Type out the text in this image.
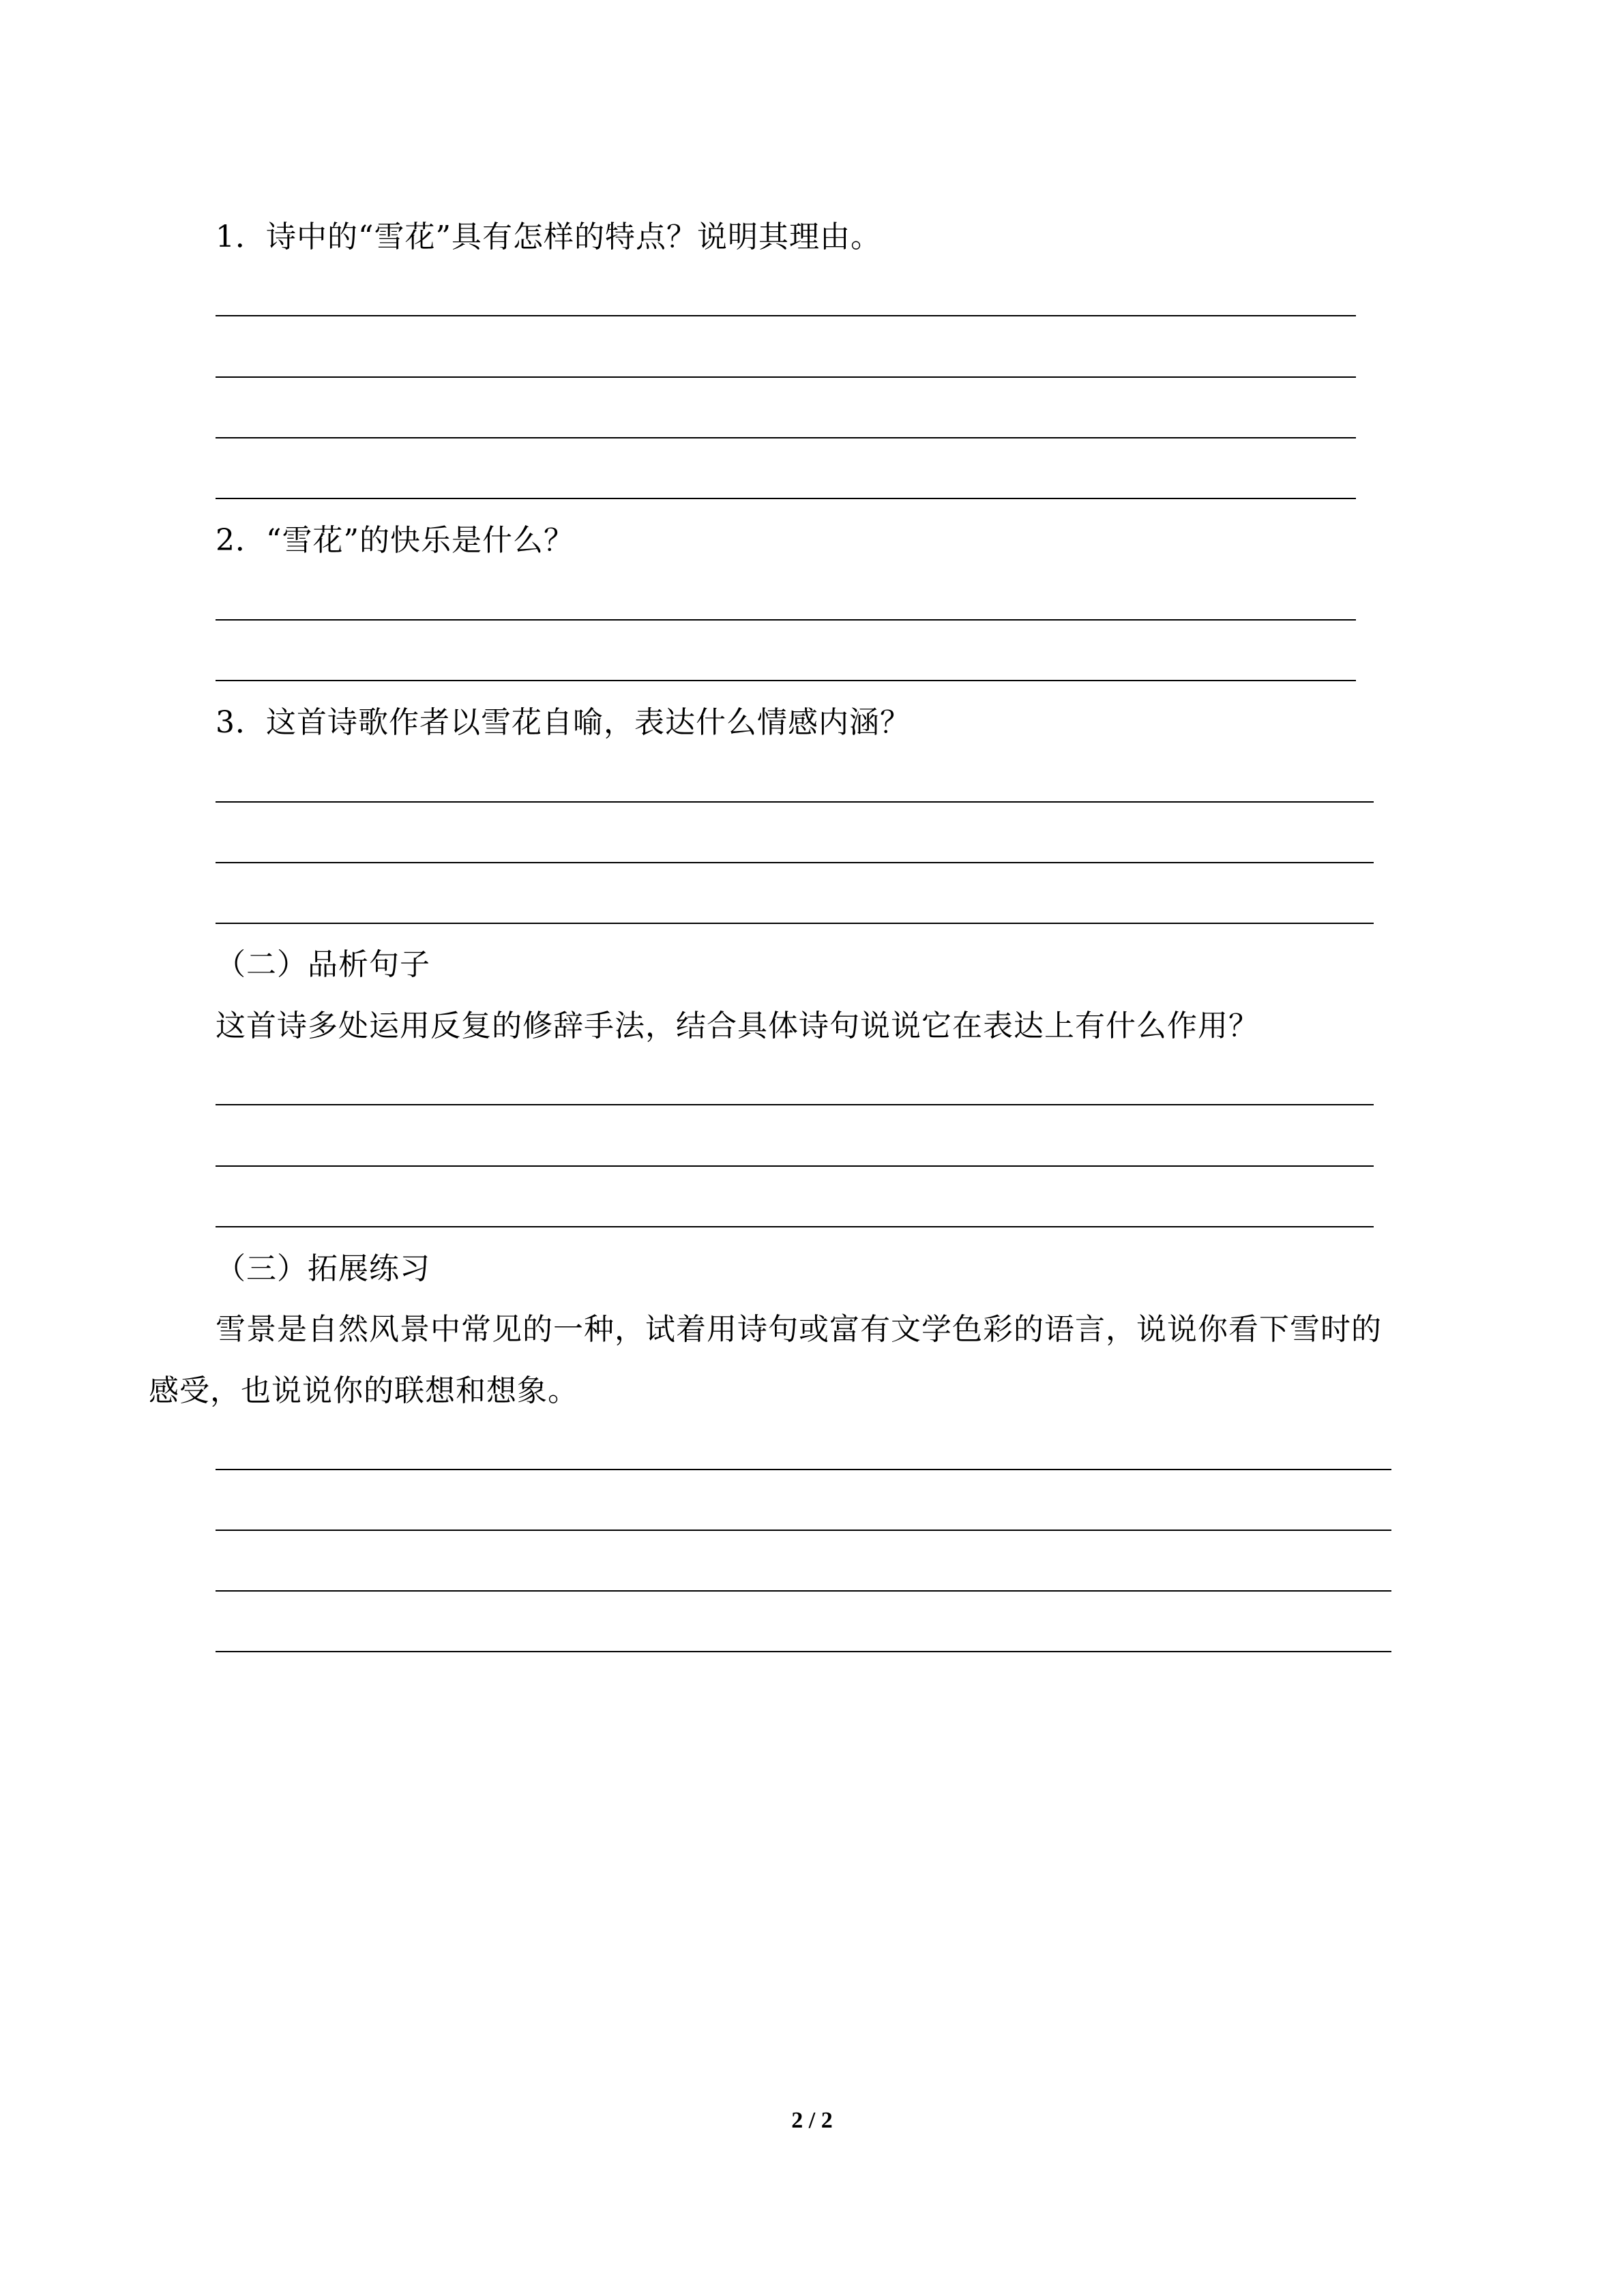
1．诗中的“雪花”具有怎样的特点？说明其理由。
2．“雪花”的快乐是什么？
3．这首诗歌作者以雪花自喻，表达什么情感内涵？
（二）品析句子
这首诗多处运用反复的修辞手法，结合具体诗句说说它在表达上有什么作用？
（三）拓展练习
雪景是自然风景中常见的一种，试着用诗句或富有文学色彩的语言，说说你看下雪时的
感受，也说说你的联想和想象。
2 / 2
